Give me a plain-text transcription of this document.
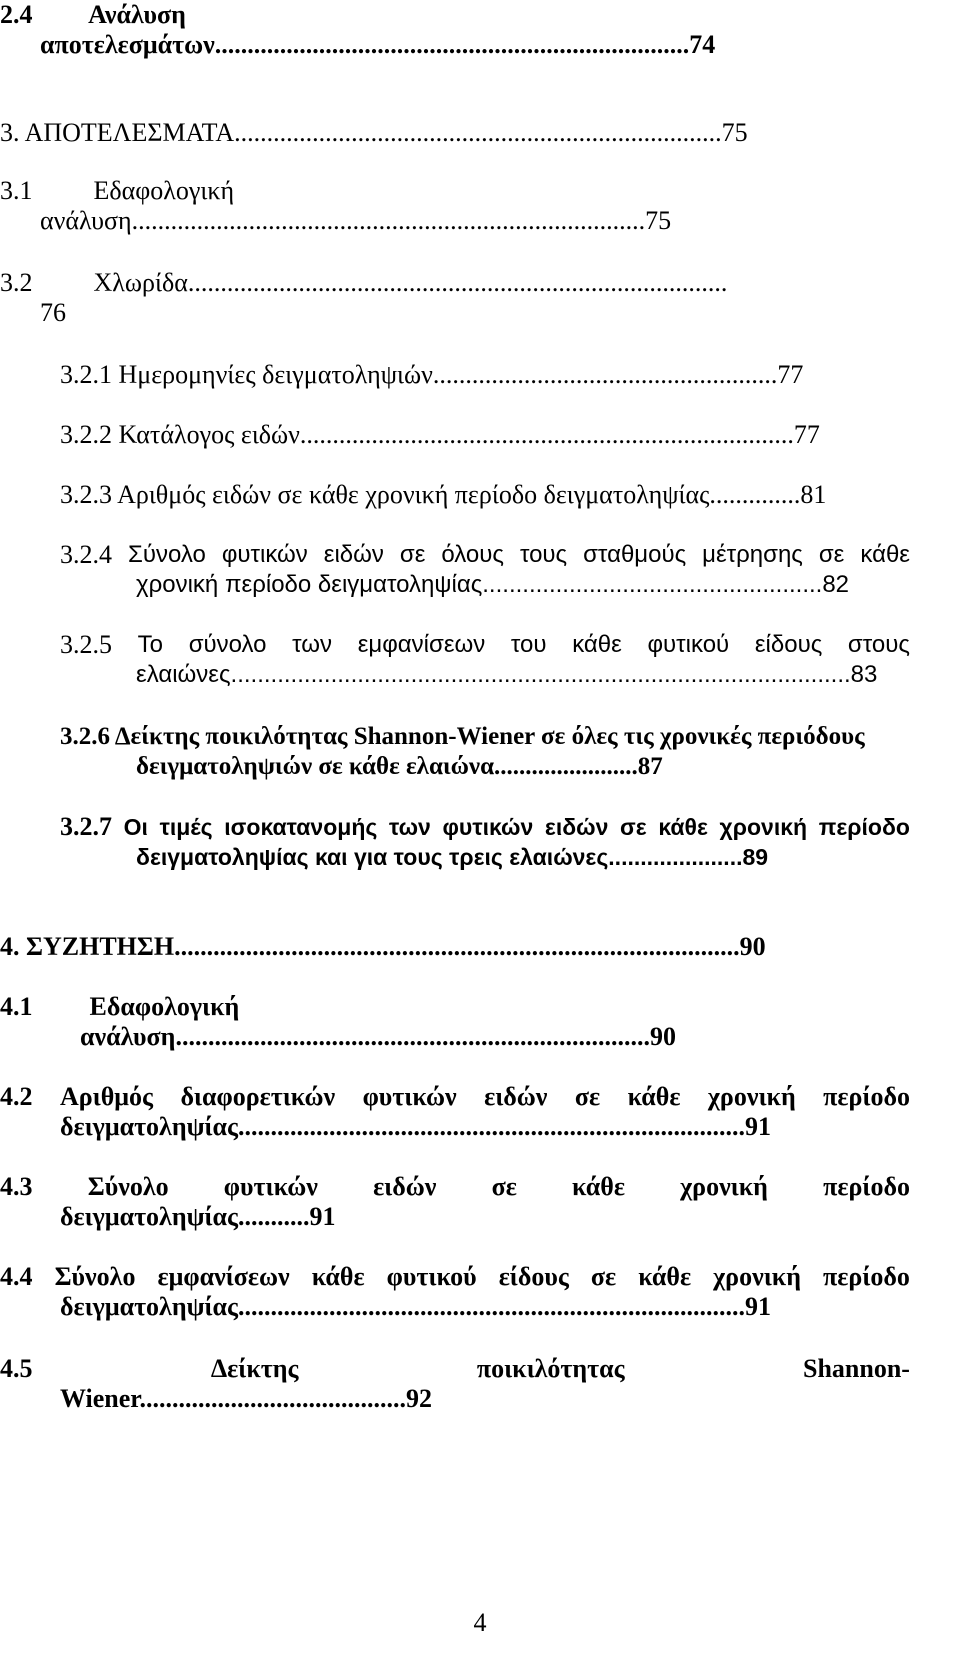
2.4 Ανάλυση
αποτελεσμάτων.........................................................................74
3. ΑΠΟΤΕΛΕΣΜΑΤΑ...........................................................................75
3.1 Εδαφολογική
ανάλυση...............................................................................75
3.2 Χλωρίδα...................................................................................
76
3.2.1 Ημερομηνίες δειγματοληψιών.....................................................77
3.2.2 Κατάλογος ειδών............................................................................77
3.2.3 Αριθμός ειδών σε κάθε χρονική περίοδο δειγματοληψίας..............81
3.2.4 Σύνολο φυτικών ειδών σε όλους τους σταθμούς μέτρησης σε κάθε
χρονική περίοδο δειγματοληψίας...................................................82
3.2.5 Το σύνολο των εμφανίσεων του κάθε φυτικού είδους στους
ελαιώνες.............................................................................................83
3.2.6 Δείκτης ποικιλότητας Shannon-Wiener σε όλες τις χρονικές περιόδους
δειγματοληψιών σε κάθε ελαιώνα.......................87
3.2.7 Οι τιμές ισοκατανομής των φυτικών ειδών σε κάθε χρονική περίοδο
δειγματοληψίας και για τους τρεις ελαιώνες.....................89
4. ΣΥΖΗΤΗΣΗ.......................................................................................90
4.1 Εδαφολογική
ανάλυση.........................................................................90
4.2 Αριθμός διαφορετικών φυτικών ειδών σε κάθε χρονική περίοδο
δειγματοληψίας..............................................................................91
4.3 Σύνολο φυτικών ειδών σε κάθε χρονική περίοδο
δειγματοληψίας...........91
4.4 Σύνολο εμφανίσεων κάθε φυτικού είδους σε κάθε χρονική περίοδο
δειγματοληψίας..............................................................................91
4.5	Δείκτης	ποικιλότητας	Shannon-
Wiener.........................................92
4
